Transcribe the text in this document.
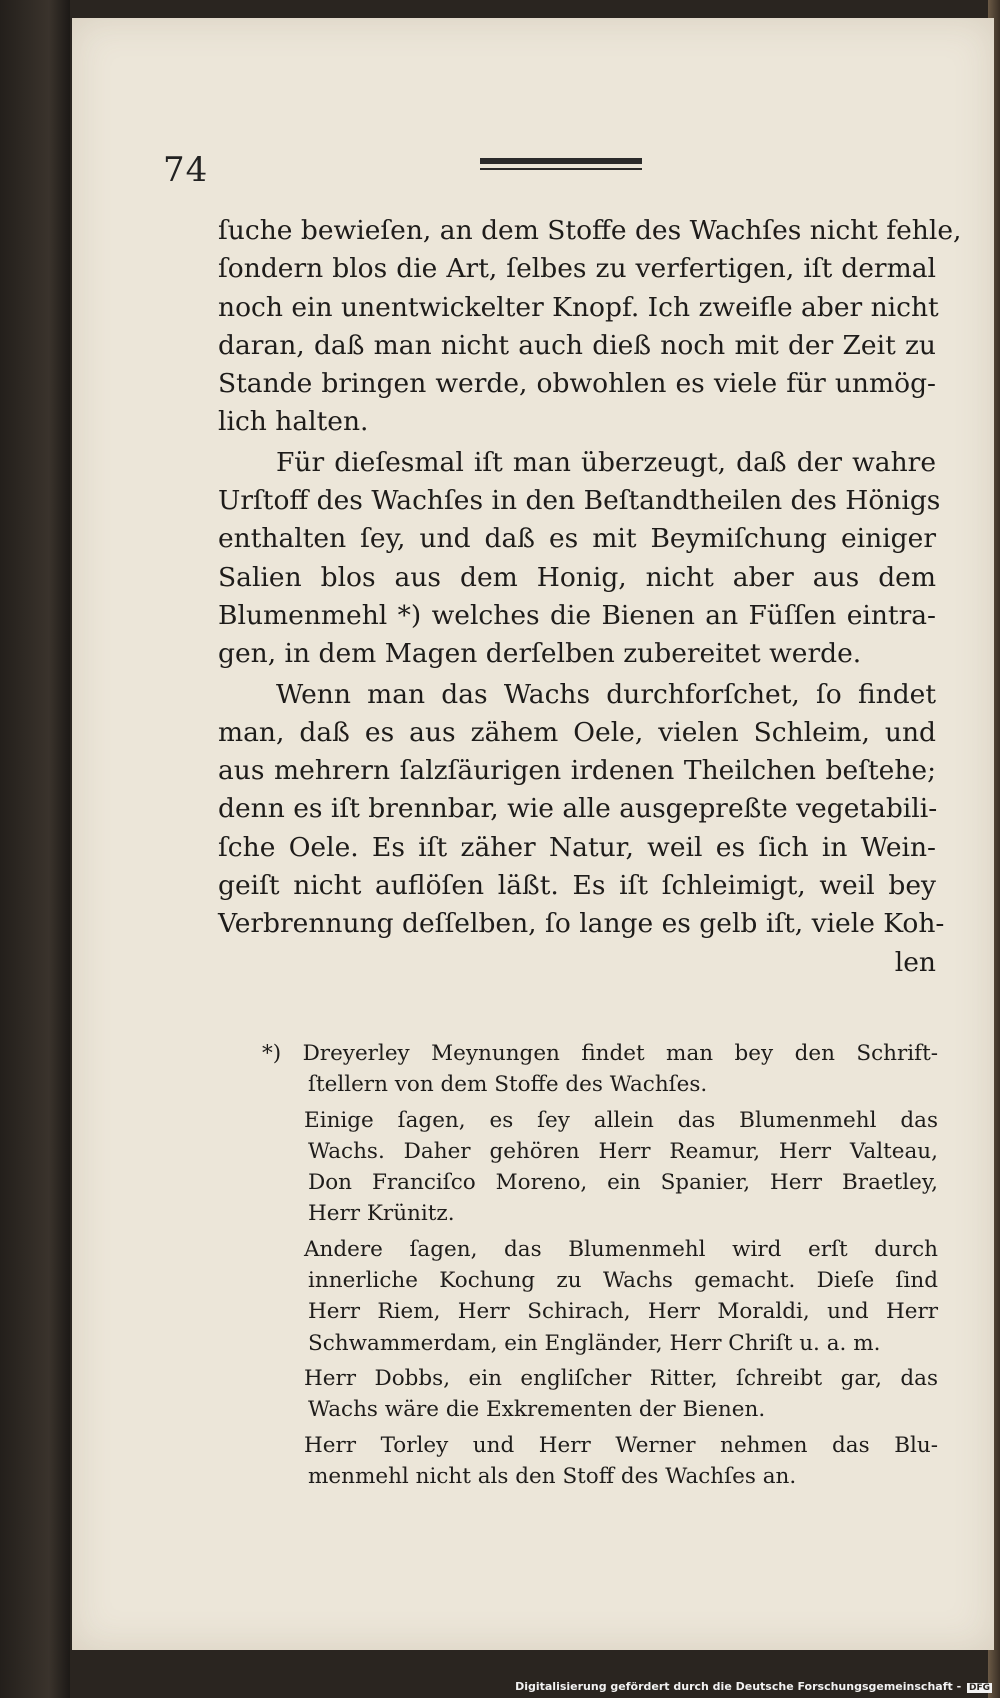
74
ſuche bewieſen, an dem Stoffe des Wachſes nicht fehle,
ſondern blos die Art, ſelbes zu verfertigen, iſt dermal
noch ein unentwickelter Knopf. Ich zweifle aber nicht
daran, daß man nicht auch dieß noch mit der Zeit zu
Stande bringen werde, obwohlen es viele für unmög-
lich halten.
Für dieſesmal iſt man überzeugt, daß der wahre
Urſtoff des Wachſes in den Beſtandtheilen des Hönigs
enthalten ſey, und daß es mit Beymiſchung einiger
Salien blos aus dem Honig, nicht aber aus dem
Blumenmehl *) welches die Bienen an Füſſen eintra-
gen, in dem Magen derſelben zubereitet werde.
Wenn man das Wachs durchforſchet, ſo findet
man, daß es aus zähem Oele, vielen Schleim, und
aus mehrern ſalzſäurigen irdenen Theilchen beſtehe;
denn es iſt brennbar, wie alle ausgepreßte vegetabili-
ſche Oele. Es iſt zäher Natur, weil es ſich in Wein-
geiſt nicht auflöſen läßt. Es iſt ſchleimigt, weil bey
Verbrennung deſſelben, ſo lange es gelb iſt, viele Koh-
len
*) Dreyerley Meynungen findet man bey den Schrift-
ſtellern von dem Stoffe des Wachſes.
Einige ſagen, es ſey allein das Blumenmehl das
Wachs. Daher gehören Herr Reamur, Herr Valteau,
Don Franciſco Moreno, ein Spanier, Herr Braetley,
Herr Krünitz.
Andere ſagen, das Blumenmehl wird erſt durch
innerliche Kochung zu Wachs gemacht. Dieſe ſind
Herr Riem, Herr Schirach, Herr Moraldi, und Herr
Schwammerdam, ein Engländer, Herr Chriſt u. a. m.
Herr Dobbs, ein engliſcher Ritter, ſchreibt gar, das
Wachs wäre die Exkrementen der Bienen.
Herr Torley und Herr Werner nehmen das Blu-
menmehl nicht als den Stoff des Wachſes an.
Digitalisierung gefördert durch die Deutsche Forschungsgemeinschaft - DFG
